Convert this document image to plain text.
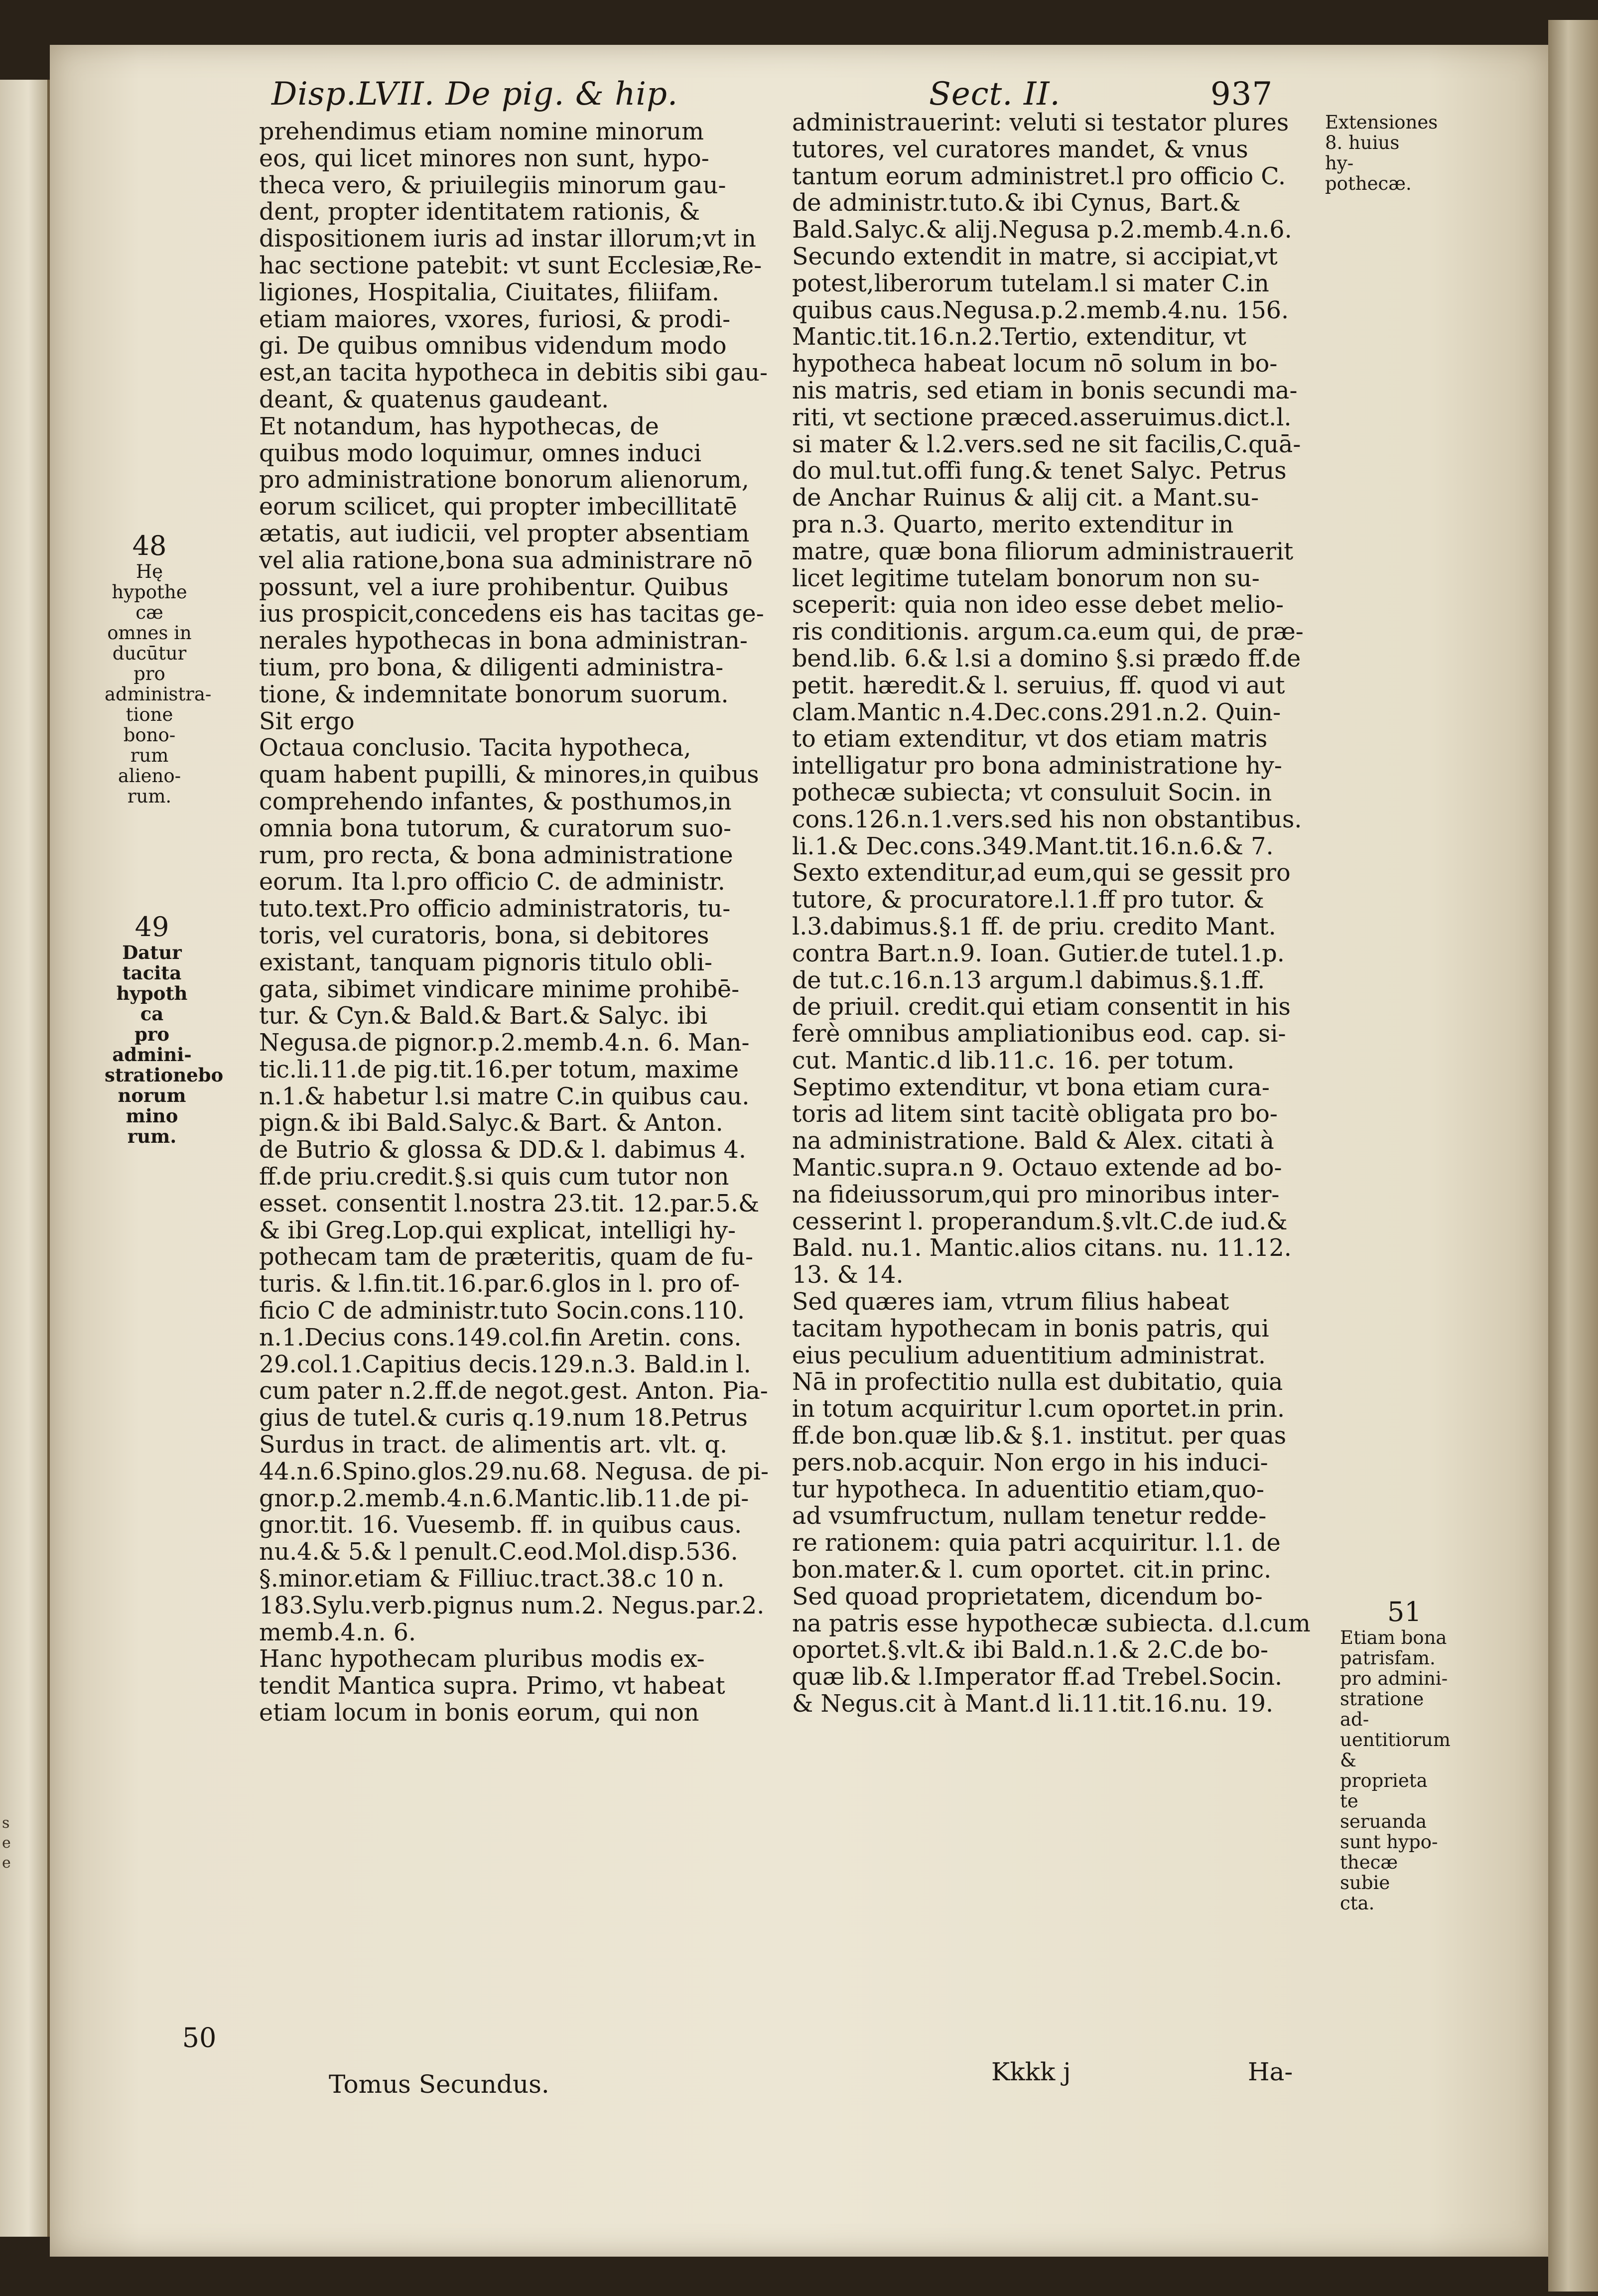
s
e
e
Disp.LVII. De pig. & hip.	Sect. II.	937
Extensiones
8. huius hy-
pothecæ.
48
Hę hypothe
cæ omnes in
ducūtur pro
administra-
tione bono-
rum alieno-
rum.
49
Datur tacita
hypoth ca
pro admini-
strationebo
norum mino
rum.
50
51
Etiam bona
patrisfam.
pro admini-
stratione ad-
uentitiorum
& proprieta
te seruanda
sunt hypo-
thecæ subie
cta.
prehendimus etiam nomine minorum
eos, qui licet minores non sunt, hypo-
theca vero, & priuilegiis minorum gau-
dent, propter identitatem rationis, &
dispositionem iuris ad instar illorum;vt in
hac sectione patebit: vt sunt Ecclesiæ,Re-
ligiones, Hospitalia, Ciuitates, filiifam.
etiam maiores, vxores, furiosi, & prodi-
gi. De quibus omnibus videndum modo
est,an tacita hypotheca in debitis sibi gau-
deant, & quatenus gaudeant.
Et notandum, has hypothecas, de
quibus modo loquimur, omnes induci
pro administratione bonorum alienorum,
eorum scilicet, qui propter imbecillitatē
ætatis, aut iudicii, vel propter absentiam
vel alia ratione,bona sua administrare nō
possunt, vel a iure prohibentur. Quibus
ius prospicit,concedens eis has tacitas ge-
nerales hypothecas in bona administran-
tium, pro bona, & diligenti administra-
tione, & indemnitate bonorum suorum.
Sit ergo
Octaua conclusio. Tacita hypotheca,
quam habent pupilli, & minores,in quibus
comprehendo infantes, & posthumos,in
omnia bona tutorum, & curatorum suo-
rum, pro recta, & bona administratione
eorum. Ita l.pro officio C. de administr.
tuto.text.Pro officio administratoris, tu-
toris, vel curatoris, bona, si debitores
existant, tanquam pignoris titulo obli-
gata, sibimet vindicare minime prohibē-
tur. & Cyn.& Bald.& Bart.& Salyc. ibi
Negusa.de pignor.p.2.memb.4.n. 6. Man-
tic.li.11.de pig.tit.16.per totum, maxime
n.1.& habetur l.si matre C.in quibus cau.
pign.& ibi Bald.Salyc.& Bart. & Anton.
de Butrio & glossa & DD.& l. dabimus 4.
ff.de priu.credit.§.si quis cum tutor non
esset. consentit l.nostra 23.tit. 12.par.5.&
& ibi Greg.Lop.qui explicat, intelligi hy-
pothecam tam de præteritis, quam de fu-
turis. & l.fin.tit.16.par.6.glos in l. pro of-
ficio C de administr.tuto Socin.cons.110.
n.1.Decius cons.149.col.fin Aretin. cons.
29.col.1.Capitius decis.129.n.3. Bald.in l.
cum pater n.2.ff.de negot.gest. Anton. Pia-
gius de tutel.& curis q.19.num 18.Petrus
Surdus in tract. de alimentis art. vlt. q.
44.n.6.Spino.glos.29.nu.68. Negusa. de pi-
gnor.p.2.memb.4.n.6.Mantic.lib.11.de pi-
gnor.tit. 16. Vuesemb. ff. in quibus caus.
nu.4.& 5.& l penult.C.eod.Mol.disp.536.
§.minor.etiam & Filliuc.tract.38.c 10 n.
183.Sylu.verb.pignus num.2. Negus.par.2.
memb.4.n. 6.
Hanc hypothecam pluribus modis ex-
tendit Mantica supra. Primo, vt habeat
etiam locum in bonis eorum, qui non
administrauerint: veluti si testator plures
tutores, vel curatores mandet, & vnus
tantum eorum administret.l pro officio C.
de administr.tuto.& ibi Cynus, Bart.&
Bald.Salyc.& alij.Negusa p.2.memb.4.n.6.
Secundo extendit in matre, si accipiat,vt
potest,liberorum tutelam.l si mater C.in
quibus caus.Negusa.p.2.memb.4.nu. 156.
Mantic.tit.16.n.2.Tertio, extenditur, vt
hypotheca habeat locum nō solum in bo-
nis matris, sed etiam in bonis secundi ma-
riti, vt sectione præced.asseruimus.dict.l.
si mater & l.2.vers.sed ne sit facilis,C.quā-
do mul.tut.offi fung.& tenet Salyc. Petrus
de Anchar Ruinus & alij cit. a Mant.su-
pra n.3. Quarto, merito extenditur in
matre, quæ bona filiorum administrauerit
licet legitime tutelam bonorum non su-
sceperit: quia non ideo esse debet melio-
ris conditionis. argum.ca.eum qui, de præ-
bend.lib. 6.& l.si a domino §.si prædo ff.de
petit. hæredit.& l. seruius, ff. quod vi aut
clam.Mantic n.4.Dec.cons.291.n.2. Quin-
to etiam extenditur, vt dos etiam matris
intelligatur pro bona administratione hy-
pothecæ subiecta; vt consuluit Socin. in
cons.126.n.1.vers.sed his non obstantibus.
li.1.& Dec.cons.349.Mant.tit.16.n.6.& 7.
Sexto extenditur,ad eum,qui se gessit pro
tutore, & procuratore.l.1.ff pro tutor. &
l.3.dabimus.§.1 ff. de priu. credito Mant.
contra Bart.n.9. Ioan. Gutier.de tutel.1.p.
de tut.c.16.n.13 argum.l dabimus.§.1.ff.
de priuil. credit.qui etiam consentit in his
ferè omnibus ampliationibus eod. cap. si-
cut. Mantic.d lib.11.c. 16. per totum.
Septimo extenditur, vt bona etiam cura-
toris ad litem sint tacitè obligata pro bo-
na administratione. Bald & Alex. citati à
Mantic.supra.n 9. Octauo extende ad bo-
na fideiussorum,qui pro minoribus inter-
cesserint l. properandum.§.vlt.C.de iud.&
Bald. nu.1. Mantic.alios citans. nu. 11.12.
13. & 14.
Sed quæres iam, vtrum filius habeat
tacitam hypothecam in bonis patris, qui
eius peculium aduentitium administrat.
Nā in profectitio nulla est dubitatio, quia
in totum acquiritur l.cum oportet.in prin.
ff.de bon.quæ lib.& §.1. institut. per quas
pers.nob.acquir. Non ergo in his induci-
tur hypotheca. In aduentitio etiam,quo-
ad vsumfructum, nullam tenetur redde-
re rationem: quia patri acquiritur. l.1. de
bon.mater.& l. cum oportet. cit.in princ.
Sed quoad proprietatem, dicendum bo-
na patris esse hypothecæ subiecta. d.l.cum
oportet.§.vlt.& ibi Bald.n.1.& 2.C.de bo-
quæ lib.& l.Imperator ff.ad Trebel.Socin.
& Negus.cit à Mant.d li.11.tit.16.nu. 19.
Tomus Secundus.	Kkkk j	Ha-
